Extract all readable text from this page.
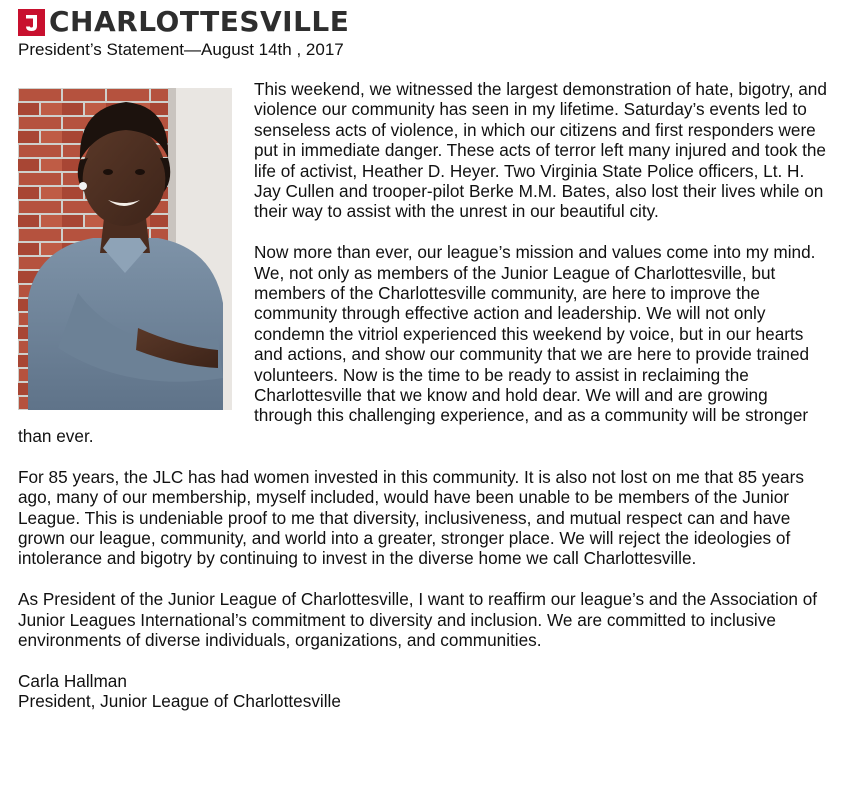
CHARLOTTESVILLE
President’s Statement—August 14th , 2017

This weekend, we witnessed the largest demonstration of hate, bigotry, and violence our community has seen in my lifetime. Saturday’s events led to senseless acts of violence, in which our citizens and first responders were put in immediate danger. These acts of terror left many injured and took the life of activist, Heather D. Heyer. Two Virginia State Police officers, Lt. H. Jay Cullen and trooper-pilot Berke M.M. Bates, also lost their lives while on their way to assist with the unrest in our beautiful city.

Now more than ever, our league’s mission and values come into my mind. We, not only as members of the Junior League of Charlottesville, but members of the Charlottesville community, are here to improve the community through effective action and leadership. We will not only condemn the vitriol experienced this weekend by voice, but in our hearts and actions, and show our community that we are here to provide trained volunteers. Now is the time to be ready to assist in reclaiming the Charlottesville that we know and hold dear. We will and are growing through this challenging experience, and as a community will be stronger than ever.

For 85 years, the JLC has had women invested in this community. It is also not lost on me that 85 years ago, many of our membership, myself included, would have been unable to be members of the Junior League. This is undeniable proof to me that diversity, inclusiveness, and mutual respect can and have grown our league, community, and world into a greater, stronger place. We will reject the ideologies of intolerance and bigotry by continuing to invest in the diverse home we call Charlottesville.

As President of the Junior League of Charlottesville, I want to reaffirm our league’s and the Association of Junior Leagues International’s commitment to diversity and inclusion. We are committed to inclusive environments of diverse individuals, organizations, and communities.

Carla Hallman
President, Junior League of Charlottesville
